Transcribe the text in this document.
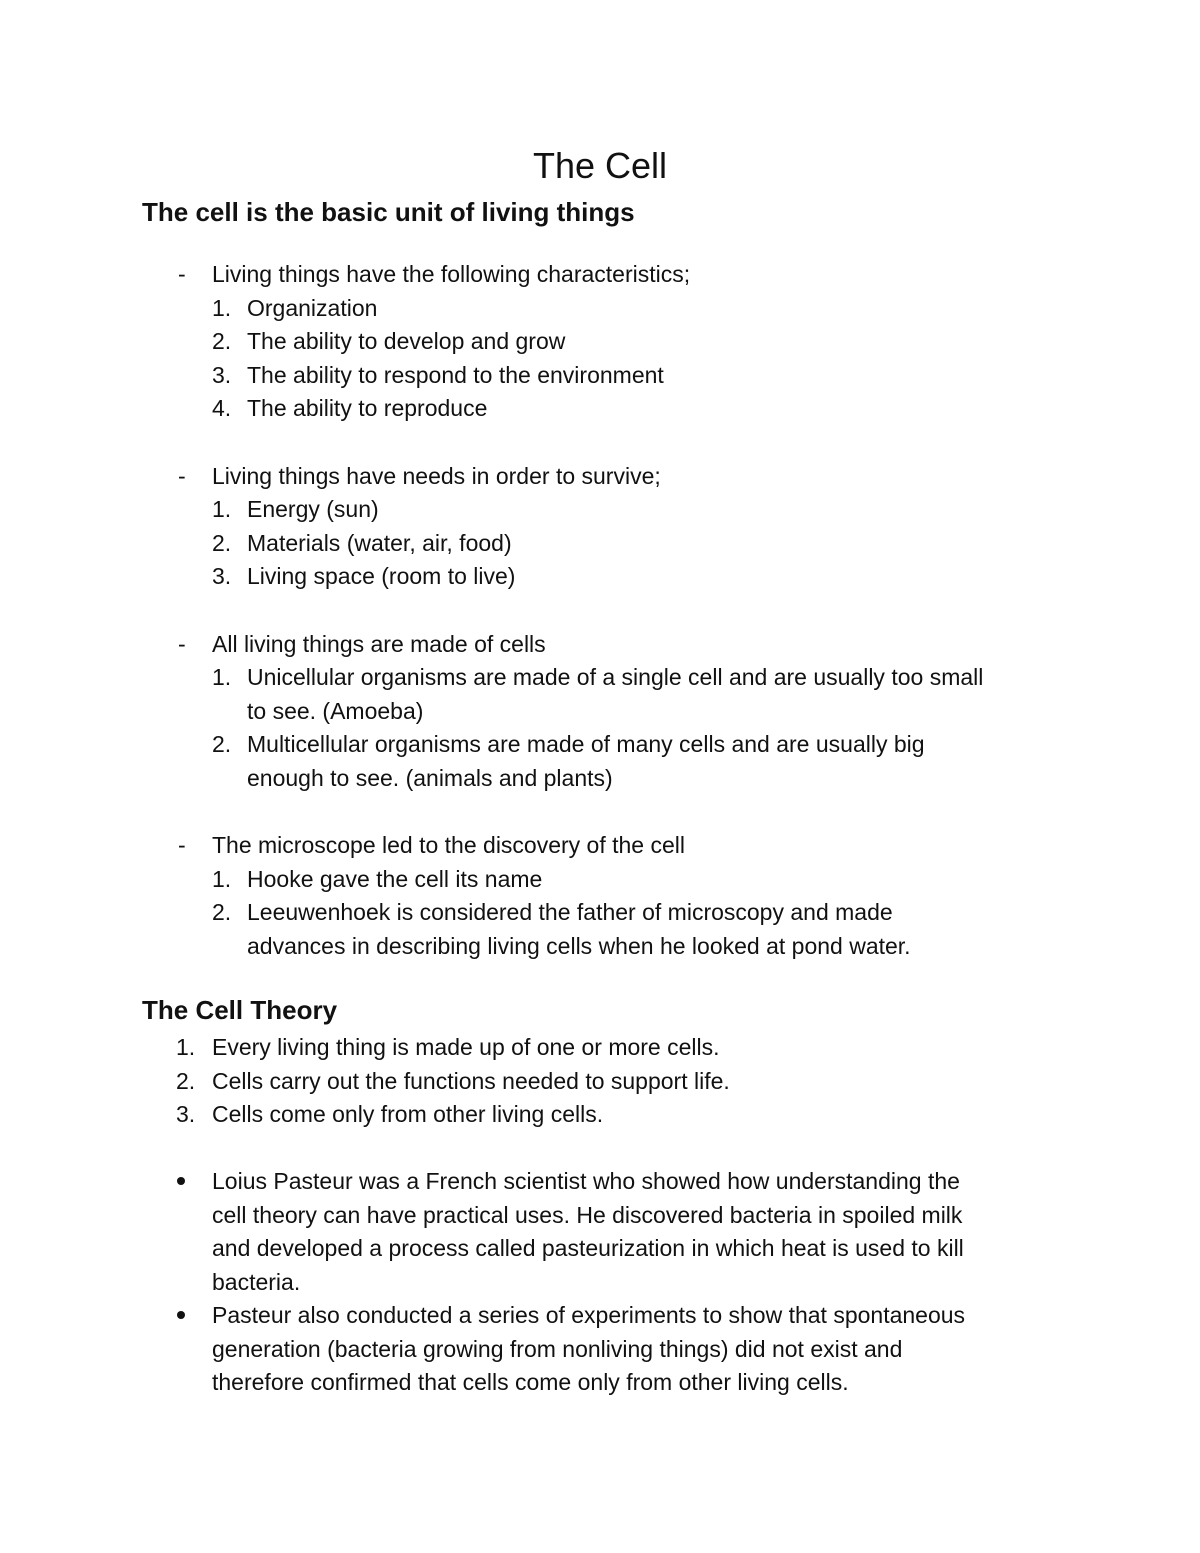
The Cell
The cell is the basic unit of living things
- Living things have the following characteristics;
1. Organization
2. The ability to develop and grow
3. The ability to respond to the environment
4. The ability to reproduce
- Living things have needs in order to survive;
1. Energy (sun)
2. Materials (water, air, food)
3. Living space (room to live)
- All living things are made of cells
1. Unicellular organisms are made of a single cell and are usually too small
to see. (Amoeba)
2. Multicellular organisms are made of many cells and are usually big
enough to see. (animals and plants)
- The microscope led to the discovery of the cell
1. Hooke gave the cell its name
2. Leeuwenhoek is considered the father of microscopy and made
advances in describing living cells when he looked at pond water.
The Cell Theory
1. Every living thing is made up of one or more cells.
2. Cells carry out the functions needed to support life.
3. Cells come only from other living cells.
Loius Pasteur was a French scientist who showed how understanding the
cell theory can have practical uses. He discovered bacteria in spoiled milk
and developed a process called pasteurization in which heat is used to kill
bacteria.
Pasteur also conducted a series of experiments to show that spontaneous
generation (bacteria growing from nonliving things) did not exist and
therefore confirmed that cells come only from other living cells.
